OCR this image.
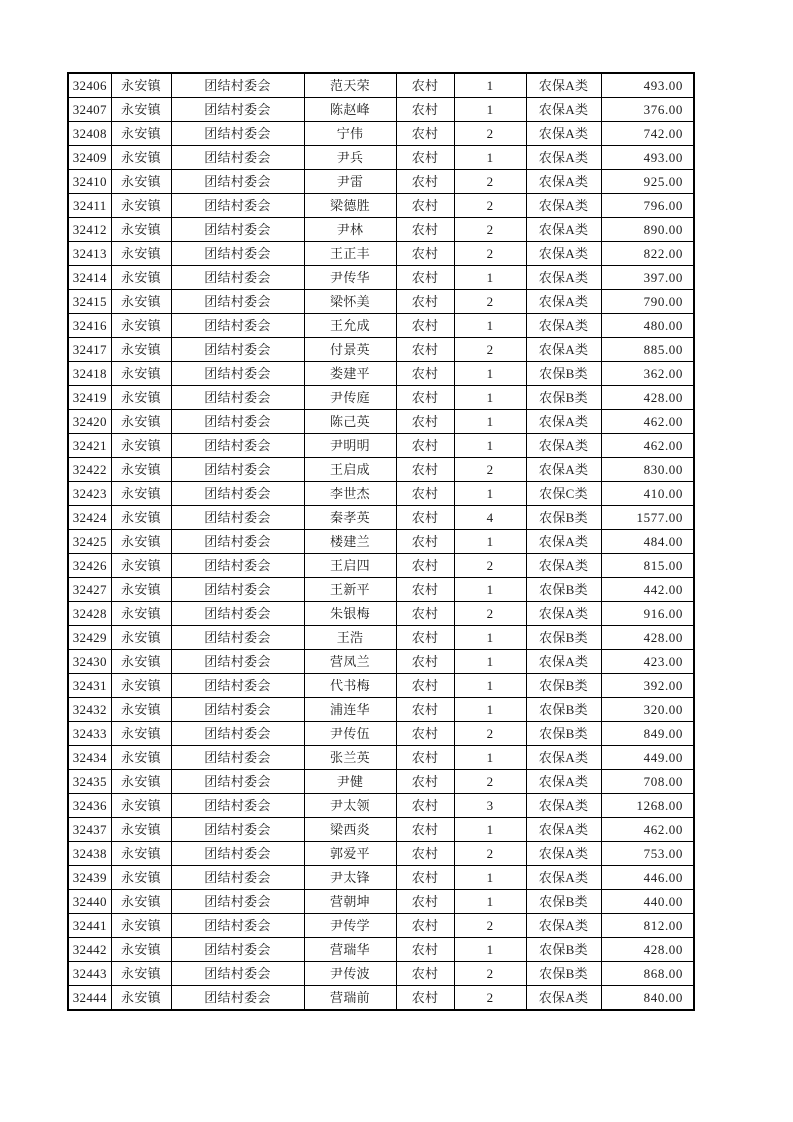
32406	永安镇	团结村委会	范天荣	农村	1	农保A类	493.00
32407	永安镇	团结村委会	陈赵峰	农村	1	农保A类	376.00
32408	永安镇	团结村委会	宁伟	农村	2	农保A类	742.00
32409	永安镇	团结村委会	尹兵	农村	1	农保A类	493.00
32410	永安镇	团结村委会	尹雷	农村	2	农保A类	925.00
32411	永安镇	团结村委会	梁德胜	农村	2	农保A类	796.00
32412	永安镇	团结村委会	尹林	农村	2	农保A类	890.00
32413	永安镇	团结村委会	王正丰	农村	2	农保A类	822.00
32414	永安镇	团结村委会	尹传华	农村	1	农保A类	397.00
32415	永安镇	团结村委会	梁怀美	农村	2	农保A类	790.00
32416	永安镇	团结村委会	王允成	农村	1	农保A类	480.00
32417	永安镇	团结村委会	付景英	农村	2	农保A类	885.00
32418	永安镇	团结村委会	娄建平	农村	1	农保B类	362.00
32419	永安镇	团结村委会	尹传庭	农村	1	农保B类	428.00
32420	永安镇	团结村委会	陈己英	农村	1	农保A类	462.00
32421	永安镇	团结村委会	尹明明	农村	1	农保A类	462.00
32422	永安镇	团结村委会	王启成	农村	2	农保A类	830.00
32423	永安镇	团结村委会	李世杰	农村	1	农保C类	410.00
32424	永安镇	团结村委会	秦孝英	农村	4	农保B类	1577.00
32425	永安镇	团结村委会	楼建兰	农村	1	农保A类	484.00
32426	永安镇	团结村委会	王启四	农村	2	农保A类	815.00
32427	永安镇	团结村委会	王新平	农村	1	农保B类	442.00
32428	永安镇	团结村委会	朱银梅	农村	2	农保A类	916.00
32429	永安镇	团结村委会	王浩	农村	1	农保B类	428.00
32430	永安镇	团结村委会	营凤兰	农村	1	农保A类	423.00
32431	永安镇	团结村委会	代书梅	农村	1	农保B类	392.00
32432	永安镇	团结村委会	浦连华	农村	1	农保B类	320.00
32433	永安镇	团结村委会	尹传伍	农村	2	农保B类	849.00
32434	永安镇	团结村委会	张兰英	农村	1	农保A类	449.00
32435	永安镇	团结村委会	尹健	农村	2	农保A类	708.00
32436	永安镇	团结村委会	尹太领	农村	3	农保A类	1268.00
32437	永安镇	团结村委会	梁西炎	农村	1	农保A类	462.00
32438	永安镇	团结村委会	郭爱平	农村	2	农保A类	753.00
32439	永安镇	团结村委会	尹太锋	农村	1	农保A类	446.00
32440	永安镇	团结村委会	营朝坤	农村	1	农保B类	440.00
32441	永安镇	团结村委会	尹传学	农村	2	农保A类	812.00
32442	永安镇	团结村委会	营瑞华	农村	1	农保B类	428.00
32443	永安镇	团结村委会	尹传波	农村	2	农保B类	868.00
32444	永安镇	团结村委会	营瑞前	农村	2	农保A类	840.00
